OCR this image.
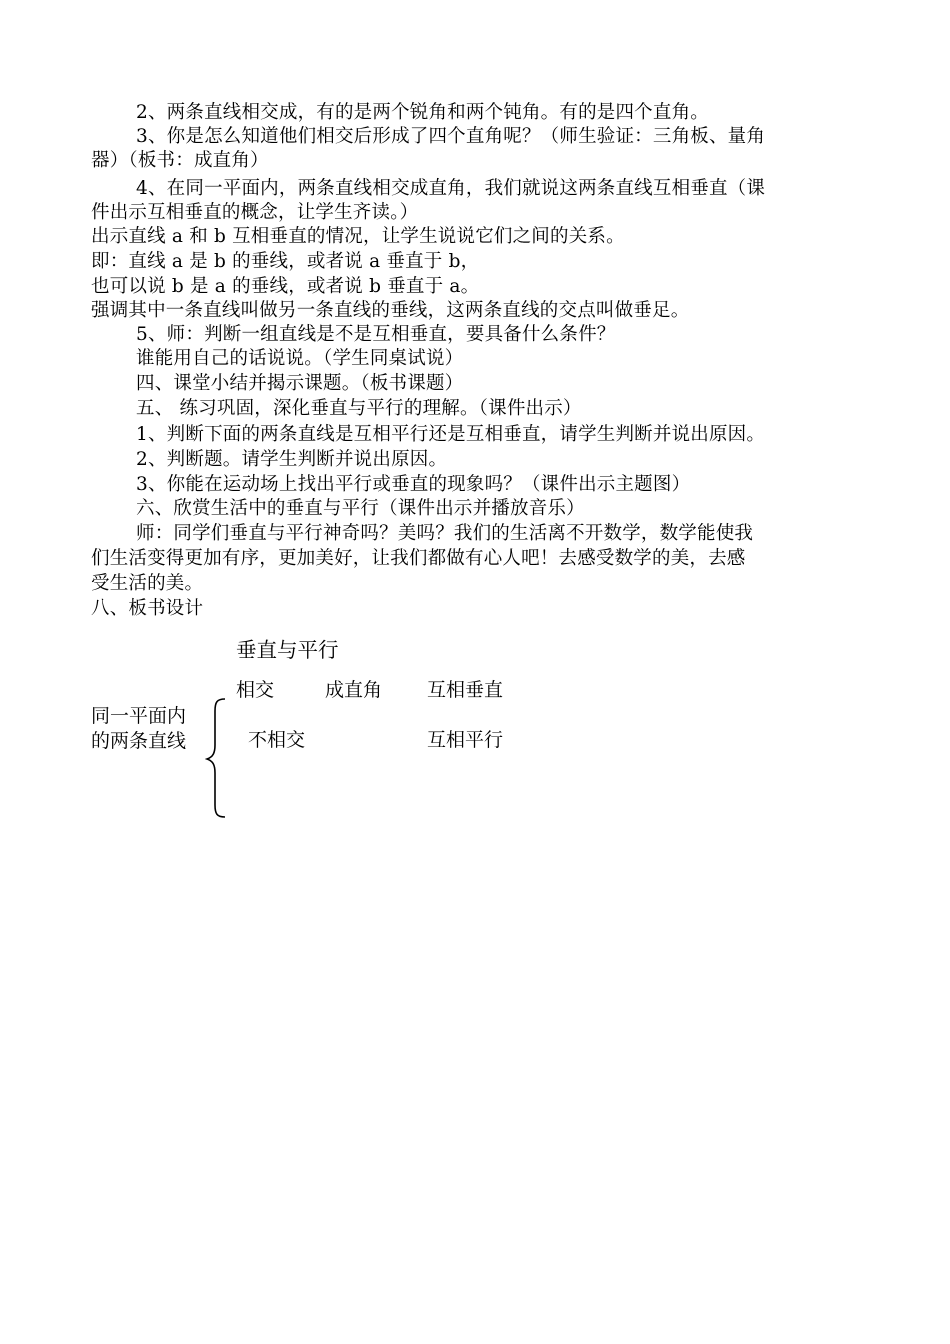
2、两条直线相交成，有的是两个锐角和两个钝角。有的是四个直角。
3、你是怎么知道他们相交后形成了四个直角呢？（师生验证：三角板、量角
器）（板书：成直角）
4、在同一平面内，两条直线相交成直角，我们就说这两条直线互相垂直（课
件出示互相垂直的概念，让学生齐读。）
出示直线 a 和 b 互相垂直的情况，让学生说说它们之间的关系。
即：直线 a 是 b 的垂线，或者说 a 垂直于 b，
也可以说 b 是 a 的垂线，或者说 b 垂直于 a。
强调其中一条直线叫做另一条直线的垂线，这两条直线的交点叫做垂足。
5、师：判断一组直线是不是互相垂直，要具备什么条件？
谁能用自己的话说说。（学生同桌试说）
四、课堂小结并揭示课题。（板书课题）
五、 练习巩固，深化垂直与平行的理解。（课件出示）
1、判断下面的两条直线是互相平行还是互相垂直，请学生判断并说出原因。
2、判断题。请学生判断并说出原因。
3、你能在运动场上找出平行或垂直的现象吗？（课件出示主题图）
六、欣赏生活中的垂直与平行（课件出示并播放音乐）
师：同学们垂直与平行神奇吗？美吗？我们的生活离不开数学，数学能使我
们生活变得更加有序，更加美好，让我们都做有心人吧！去感受数学的美，去感
受生活的美。
八、板书设计
垂直与平行
相交	成直角 互相垂直
同一平面内
的两条直线	不相交	互相平行
